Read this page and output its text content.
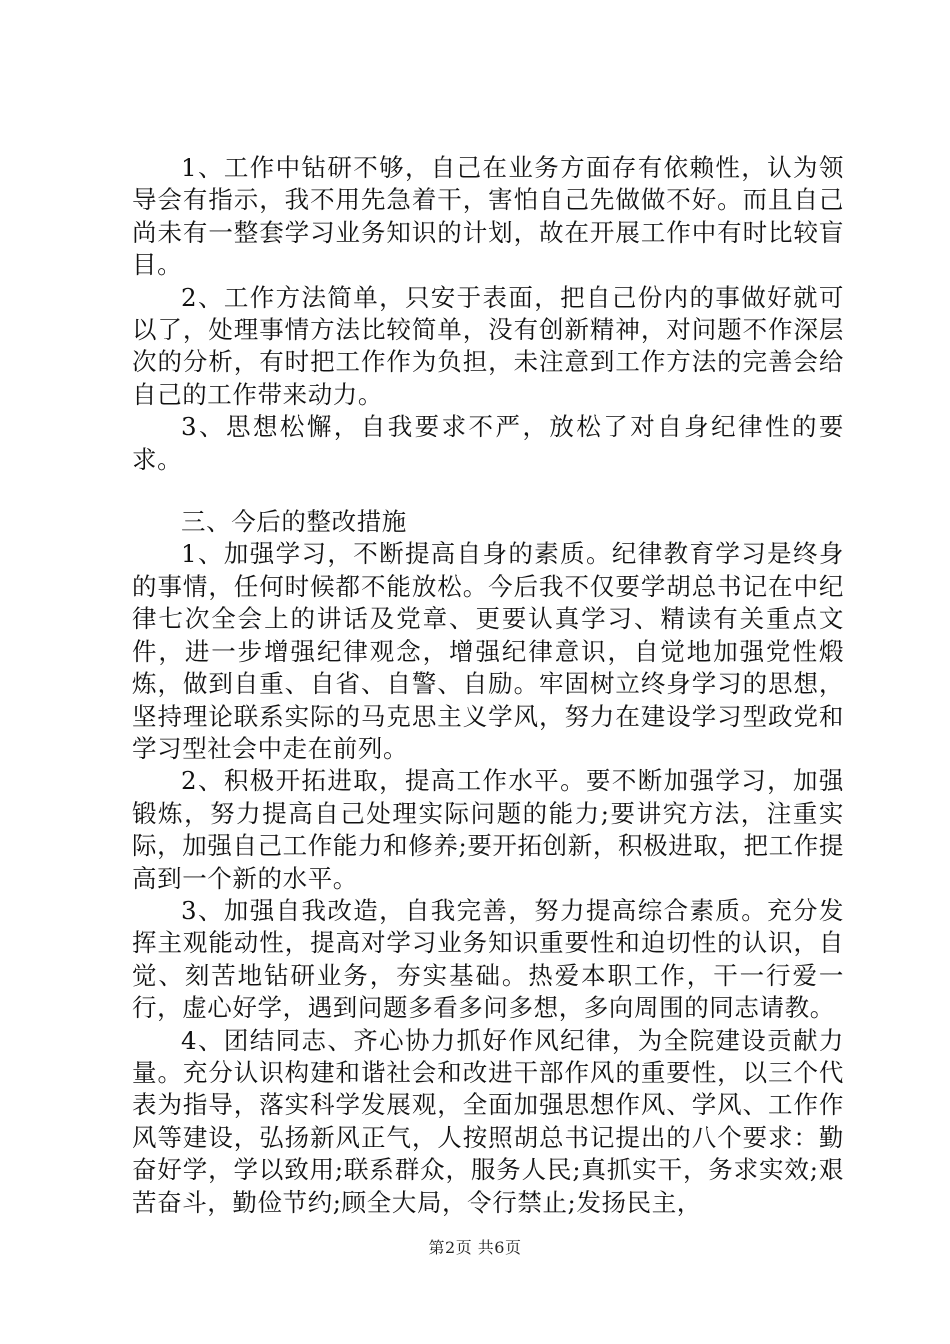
1、工作中钻研不够，自己在业务方面存有依赖性，认为领导会有指示，我不用先急着干，害怕自己先做做不好。而且自己尚未有一整套学习业务知识的计划，故在开展工作中有时比较盲目。

2、工作方法简单，只安于表面，把自己份内的事做好就可以了，处理事情方法比较简单，没有创新精神，对问题不作深层次的分析，有时把工作作为负担，未注意到工作方法的完善会给自己的工作带来动力。

3、思想松懈，自我要求不严，放松了对自身纪律性的要求。

三、今后的整改措施

1、加强学习，不断提高自身的素质。纪律教育学习是终身的事情，任何时候都不能放松。今后我不仅要学胡总书记在中纪律七次全会上的讲话及党章、更要认真学习、精读有关重点文件，进一步增强纪律观念，增强纪律意识，自觉地加强党性煅炼，做到自重、自省、自警、自励。牢固树立终身学习的思想，坚持理论联系实际的马克思主义学风，努力在建设学习型政党和学习型社会中走在前列。

2、积极开拓进取，提高工作水平。要不断加强学习，加强锻炼，努力提高自己处理实际问题的能力;要讲究方法，注重实际，加强自己工作能力和修养;要开拓创新，积极进取，把工作提高到一个新的水平。

3、加强自我改造，自我完善，努力提高综合素质。充分发挥主观能动性，提高对学习业务知识重要性和迫切性的认识，自觉、刻苦地钻研业务，夯实基础。热爱本职工作，干一行爱一行，虚心好学，遇到问题多看多问多想，多向周围的同志请教。

4、团结同志、齐心协力抓好作风纪律，为全院建设贡献力量。充分认识构建和谐社会和改进干部作风的重要性，以三个代表为指导，落实科学发展观，全面加强思想作风、学风、工作作风等建设，弘扬新风正气，人按照胡总书记提出的八个要求：勤奋好学，学以致用;联系群众，服务人民;真抓实干，务求实效;艰苦奋斗，勤俭节约;顾全大局，令行禁止;发扬民主，

第2页 共6页
